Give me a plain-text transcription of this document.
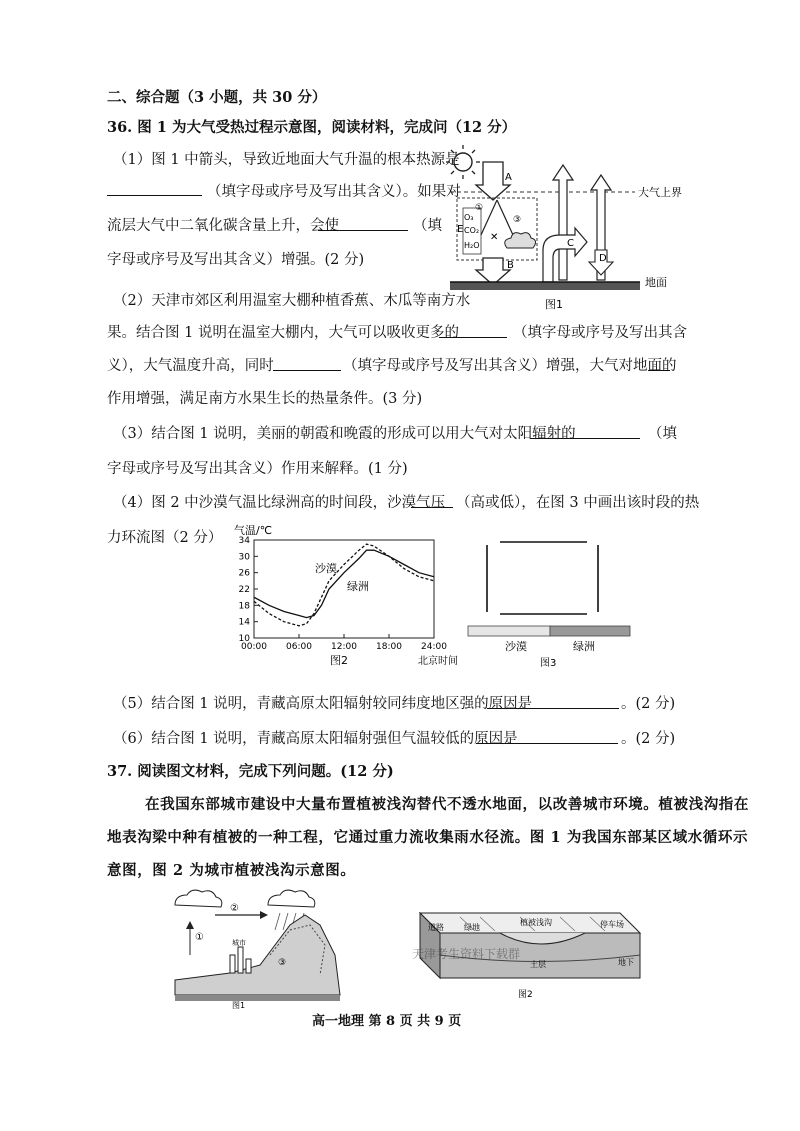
二、综合题（3 小题，共 30 分）
36. 图 1 为大气受热过程示意图，阅读材料，完成问（12 分）
（1）图 1 中箭头，导致近地面大气升温的根本热源是
（填字母或序号及写出其含义）。如果对
流层大气中二氧化碳含量上升，会使	（填
字母或序号及写出其含义）增强。(2 分)
大气上界
A
E
O₃
CO₂
H₂O
①
✕
③
B
C
D
地面
图1
（2）天津市郊区利用温室大棚种植香蕉、木瓜等南方水
果。结合图 1 说明在温室大棚内，大气可以吸收更多的	（填字母或序号及写出其含
义），大气温度升高，同时	（填字母或序号及写出其含义）增强，大气对地面的
作用增强，满足南方水果生长的热量条件。(3 分)
（3）结合图 1 说明，美丽的朝霞和晚霞的形成可以用大气对太阳辐射的	（填
字母或序号及写出其含义）作用来解释。(1 分)
（4）图 2 中沙漠气温比绿洲高的时间段，沙漠气压 （高或低），在图 3 中画出该时段的热
力环流图（2 分） 气温/℃
10
14
18
22
26
30
34
00:00 06:00 12:00 18:00 24:00
沙漠
绿洲
图2	北京时间
沙漠	绿洲
图3
（5）结合图 1 说明，青藏高原太阳辐射较同纬度地区强的原因是	。(2 分)
（6）结合图 1 说明，青藏高原太阳辐射强但气温较低的原因是	。(2 分)
37. 阅读图文材料，完成下列问题。(12 分)
在我国东部城市建设中大量布置植被浅沟替代不透水地面，以改善城市环境。植被浅沟指在
地表沟梁中种有植被的一种工程，它通过重力流收集雨水径流。图 1 为我国东部某区域水循环示
意图，图 2 为城市植被浅沟示意图。
②
①	城市
③
图1
道路	绿地
植被浅沟	停车场
土层	地下
天津考生资料下载群
图2
高一地理 第 8 页 共 9 页
